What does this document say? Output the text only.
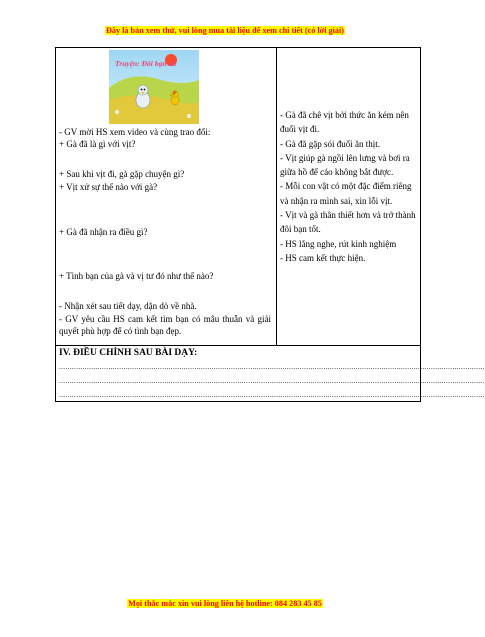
Đây là bản xem thử, vui lòng mua tài liệu để xem chi tiết (có lời giải)
Truyện: Đôi bạn tốt
- GV mời HS xem video và cùng trao đổi:
+ Gà đã là gì với vịt?
+ Sau khi vịt đi, gà gặp chuyện gì?
+ Vịt xử sự thế nào với gà?
+ Gà đã nhận ra điều gì?
+ Tình bạn của gà và vị tư đó như thế nào?
- Nhận xét sau tiết dạy, dặn dò về nhà.
- GV yêu cầu HS cam kết tìm bạn có mâu thuẫn và giải quyết phù hợp để có tình bạn đẹp.

- Gà đã chê vịt bởi thức ăn kém nên đuổi vịt đi.

- Gà đã gặp sói đuổi ăn thịt.

- Vịt giúp gà ngồi lên lưng và bơi ra giữa hồ để cáo không bắt được.

- Mỗi con vật có một đặc điểm riêng và nhận ra mình sai, xin lỗi vịt.

- Vịt và gà thân thiết hơn và trở thành đôi bạn tốt.

- HS lắng nghe, rút kinh nghiệm

- HS cam kết thực hiện.

IV. ĐIỀU CHỈNH SAU BÀI DẠY:
......................................................................................................................................................................................................
......................................................................................................................................................................................................
......................................................................................................................................................................................................
Mọi thắc mắc xin vui lòng liên hệ hotline: 084 283 45 85
